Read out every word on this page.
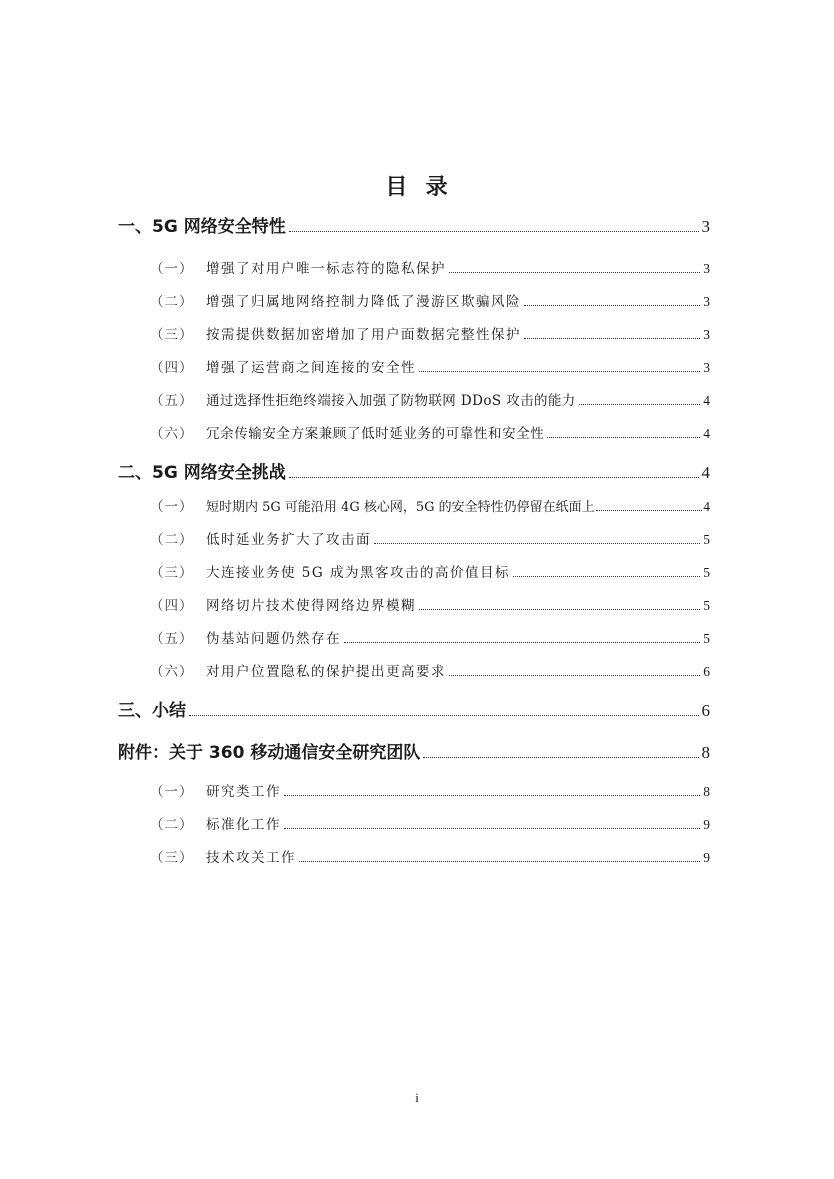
目  录
一、 5G 网络安全特性	3
（一） 增强了对用户唯一标志符的隐私保护	3
（二） 增强了归属地网络控制力降低了漫游区欺骗风险	3
（三） 按需提供数据加密增加了用户面数据完整性保护	3
（四） 增强了运营商之间连接的安全性	3
（五） 通过选择性拒绝终端接入加强了防物联网 DDoS 攻击的能力	4
（六） 冗余传输安全方案兼顾了低时延业务的可靠性和安全性	4
二、 5G 网络安全挑战	4
（一） 短时期内 5G 可能沿用 4G 核心网，5G 的安全特性仍停留在纸面上	4
（二） 低时延业务扩大了攻击面	5
（三） 大连接业务使 5G 成为黑客攻击的高价值目标	5
（四） 网络切片技术使得网络边界模糊	5
（五） 伪基站问题仍然存在	5
（六） 对用户位置隐私的保护提出更高要求	6
三、 小结	6
附件： 关于 360 移动通信安全研究团队	8
（一） 研究类工作	8
（二） 标准化工作	9
（三） 技术攻关工作	9
i
